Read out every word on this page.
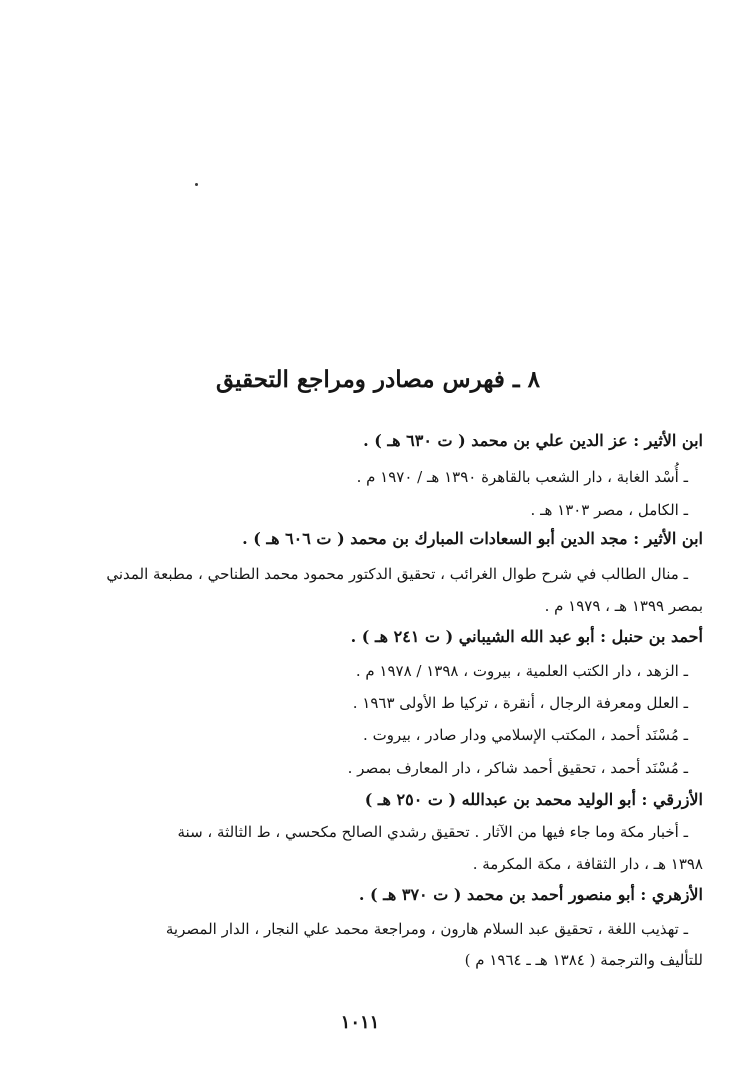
٨ ـ فهرس مصادر ومراجع التحقيق
ابن الأثير : عز الدين علي بن محمد ( ت ٦٣٠ هـ ) .
ـ أُسْد الغابة ، دار الشعب بالقاهرة ١٣٩٠ هـ / ١٩٧٠ م .
ـ الكامل ، مصر ١٣٠٣ هـ .
ابن الأثير : مجد الدين أبو السعادات المبارك بن محمد ( ت ٦٠٦ هـ ) .
ـ منال الطالب في شرح طوال الغرائب ، تحقيق الدكتور محمود محمد الطناحي ، مطبعة المدني
بمصر ١٣٩٩ هـ ، ١٩٧٩ م .
أحمد بن حنبل : أبو عبد الله الشيباني ( ت ٢٤١ هـ ) .
ـ الزهد ، دار الكتب العلمية ، بيروت ، ١٣٩٨ / ١٩٧٨ م .
ـ العلل ومعرفة الرجال ، أنقرة ، تركيا ط الأولى ١٩٦٣ .
ـ مُسْنَد أحمد ، المكتب الإسلامي ودار صادر ، بيروت .
ـ مُسْنَد أحمد ، تحقيق أحمد شاكر ، دار المعارف بمصر .
الأزرقي : أبو الوليد محمد بن عبدالله ( ت ٢٥٠ هـ )
ـ أخبار مكة وما جاء فيها من الآثار . تحقيق رشدي الصالح مكحسي ، ط الثالثة ، سنة
١٣٩٨ هـ ، دار الثقافة ، مكة المكرمة .
الأزهري : أبو منصور أحمد بن محمد ( ت ٣٧٠ هـ ) .
ـ تهذيب اللغة ، تحقيق عبد السلام هارون ، ومراجعة محمد علي النجار ، الدار المصرية
للتأليف والترجمة ( ١٣٨٤ هـ ـ ١٩٦٤ م )
١٠١١
